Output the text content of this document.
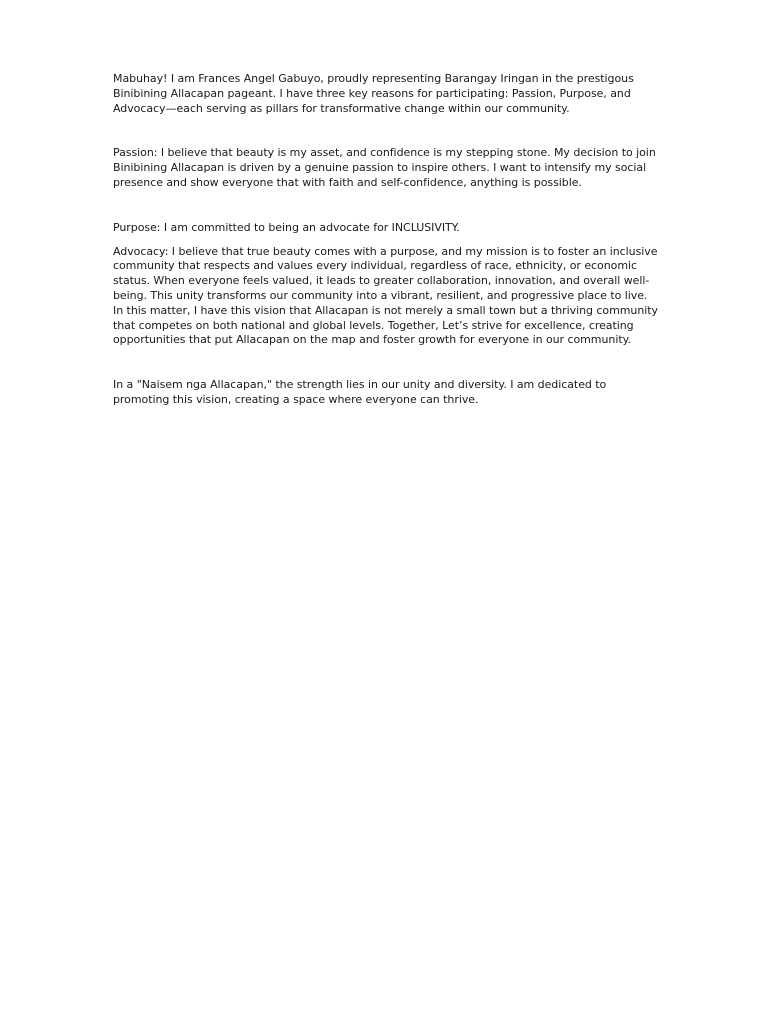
Mabuhay! I am Frances Angel Gabuyo, proudly representing Barangay Iringan in the prestigous Binibining Allacapan pageant. I have three key reasons for participating: Passion, Purpose, and Advocacy—each serving as pillars for transformative change within our community.

Passion: I believe that beauty is my asset, and confidence is my stepping stone. My decision to join Binibining Allacapan is driven by a genuine passion to inspire others. I want to intensify my social presence and show everyone that with faith and self-confidence, anything is possible.

Purpose: I am committed to being an advocate for INCLUSIVITY.

Advocacy: I believe that true beauty comes with a purpose, and my mission is to foster an inclusive community that respects and values every individual, regardless of race, ethnicity, or economic status. When everyone feels valued, it leads to greater collaboration, innovation, and overall well-being. This unity transforms our community into a vibrant, resilient, and progressive place to live. In this matter, I have this vision that Allacapan is not merely a small town but a thriving community that competes on both national and global levels. Together, Let’s strive for excellence, creating opportunities that put Allacapan on the map and foster growth for everyone in our community.

In a "Naisem nga Allacapan," the strength lies in our unity and diversity. I am dedicated to promoting this vision, creating a space where everyone can thrive.
